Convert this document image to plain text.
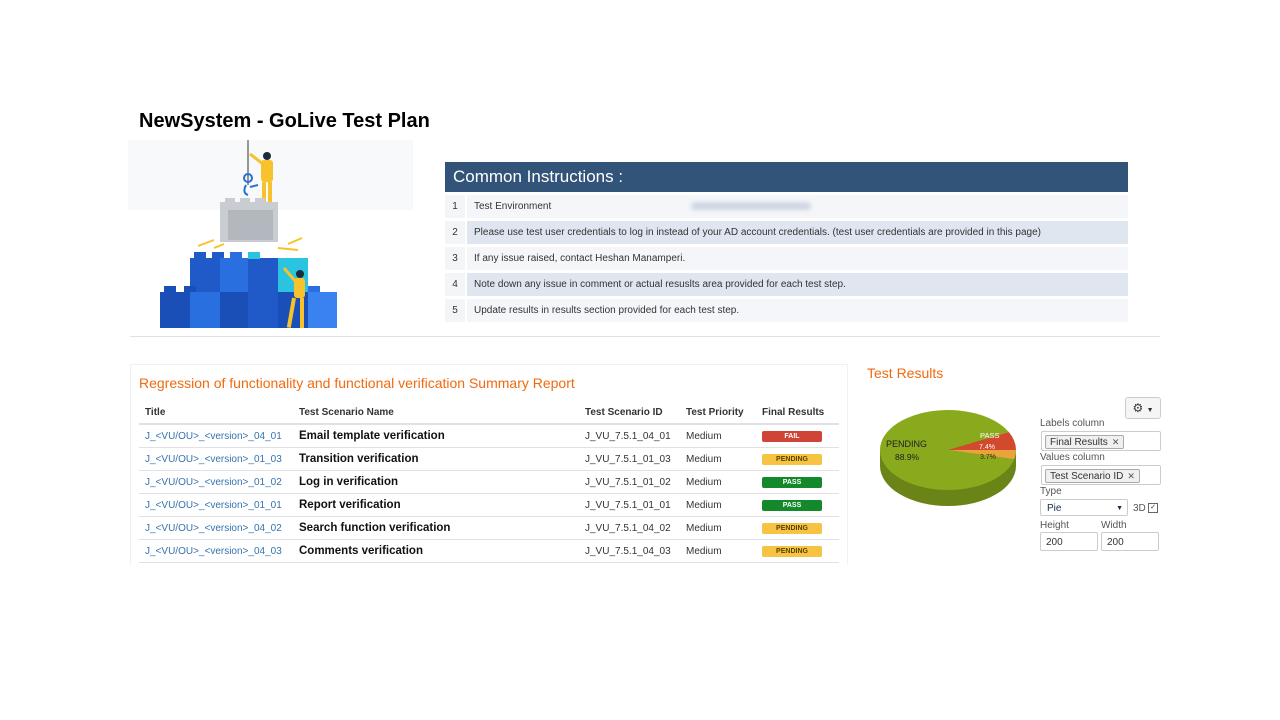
NewSystem - GoLive Test Plan
Common Instructions :
1	Test Environment
2	Please use test user credentials to log in instead of your AD account credentials. (test user credentials are provided in this page)
3	If any issue raised, contact Heshan Manamperi.
4	Note down any issue in comment or actual resuslts area provided for each test step.
5	Update results in results section provided for each test step.
Regression of functionality and functional verification Summary Report
Title	Test Scenario Name	Test Scenario ID	Test Priority	Final Results
J_<VU/OU>_<version>_04_01	Email template verification	J_VU_7.5.1_04_01	Medium	FAIL
J_<VU/OU>_<version>_01_03	Transition verification	J_VU_7.5.1_01_03	Medium	PENDING
J_<VU/OU>_<version>_01_02	Log in verification	J_VU_7.5.1_01_02	Medium	PASS
J_<VU/OU>_<version>_01_01	Report verification	J_VU_7.5.1_01_01	Medium	PASS
J_<VU/OU>_<version>_04_02	Search function verification	J_VU_7.5.1_04_02	Medium	PENDING
J_<VU/OU>_<version>_04_03	Comments verification	J_VU_7.5.1_04_03	Medium	PENDING
Test Results
PENDING
88.9%
PASS
7.4%
3.7%
⚙ ▼
Labels column
Final Results ✕
Values column
Test Scenario ID ✕
Type
Pie	▼ 3D ✓
Height	Width
200	200
